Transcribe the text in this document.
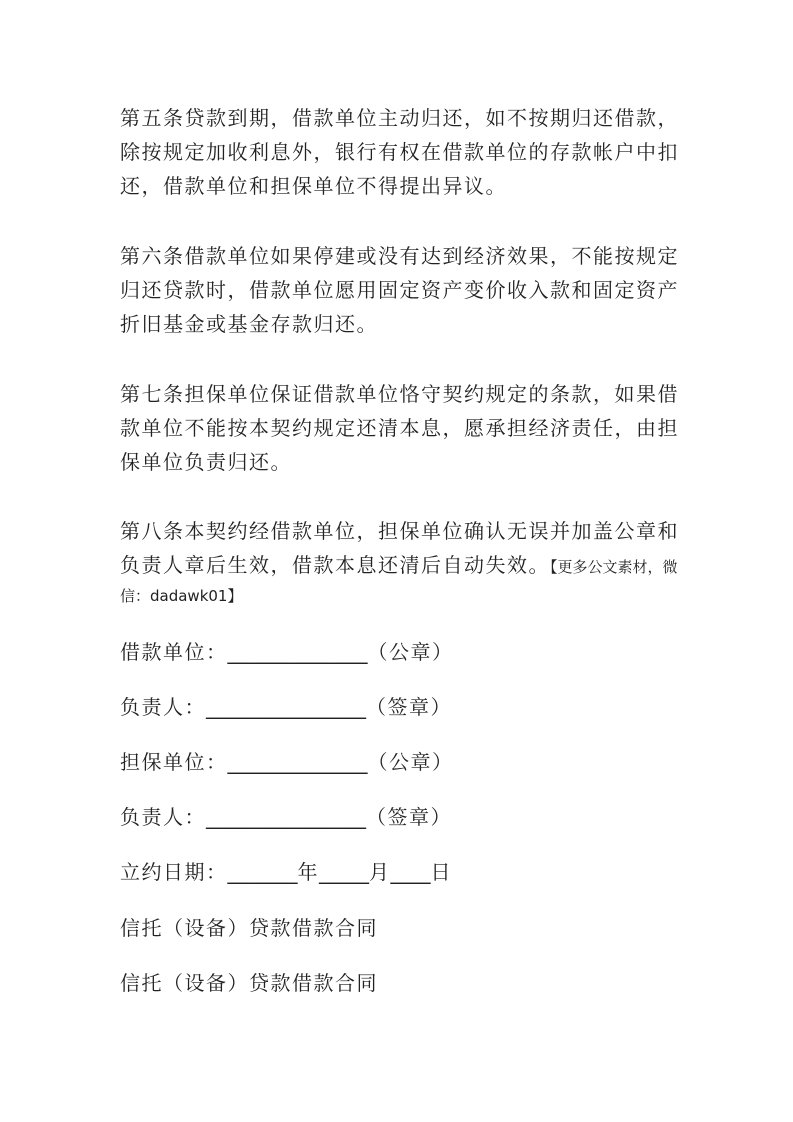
第五条贷款到期，借款单位主动归还，如不按期归还借款，
除按规定加收利息外，银行有权在借款单位的存款帐户中扣
还，借款单位和担保单位不得提出异议。

第六条借款单位如果停建或没有达到经济效果，不能按规定
归还贷款时，借款单位愿用固定资产变价收入款和固定资产
折旧基金或基金存款归还。

第七条担保单位保证借款单位恪守契约规定的条款，如果借
款单位不能按本契约规定还清本息，愿承担经济责任，由担
保单位负责归还。

第八条本契约经借款单位，担保单位确认无误并加盖公章和
负责人章后生效，借款本息还清后自动失效。【更多公文素材，微
信：dadawk01】

借款单位：______________（公章）
负责人：________________（签章）
担保单位：______________（公章）
负责人：________________（签章）
立约日期：_______年_____月____日
信托（设备）贷款借款合同
信托（设备）贷款借款合同
